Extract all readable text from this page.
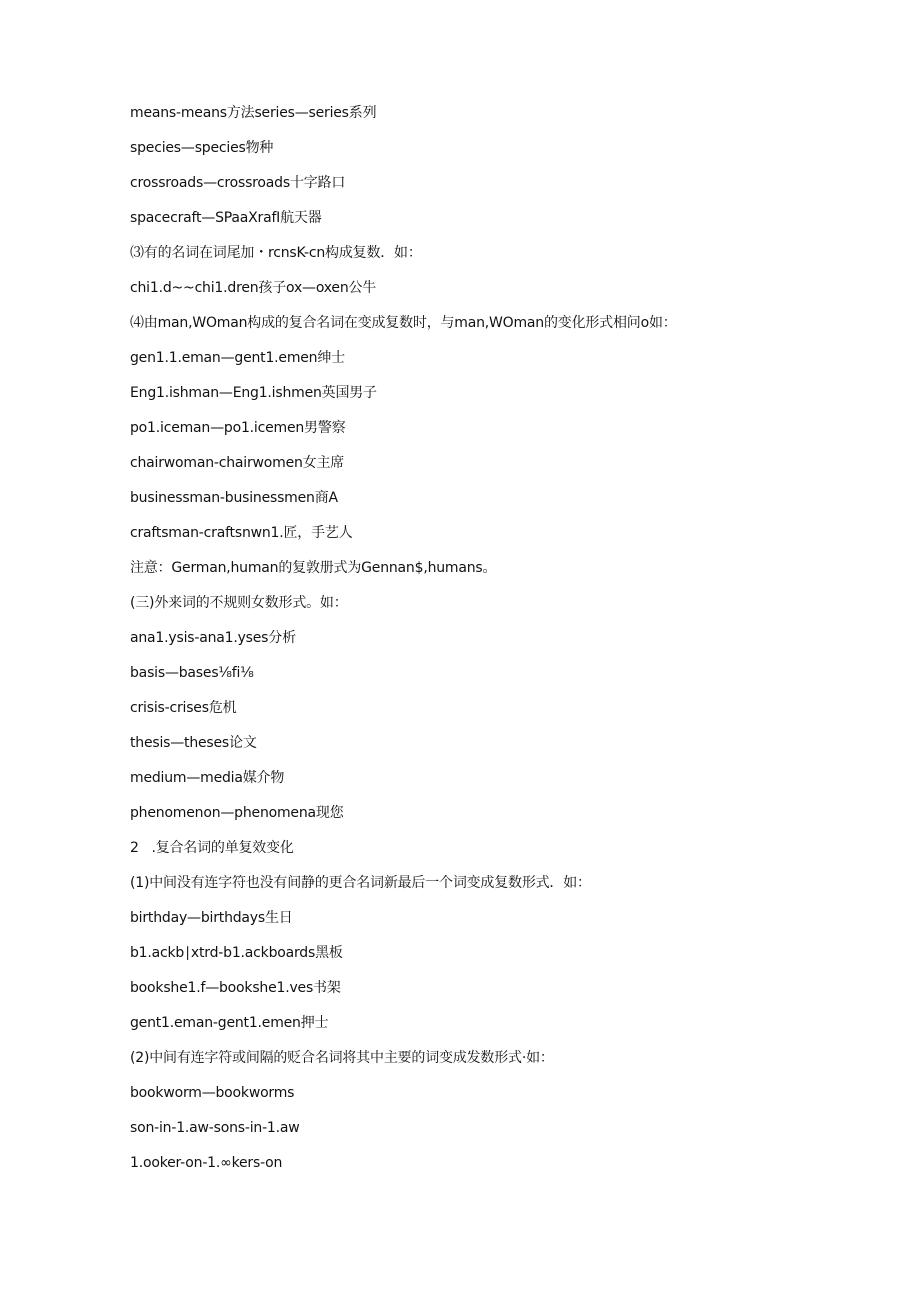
means-means方法series—series系列
species—species物种
crossroads—crossroads十字路口
spacecraft—SPaaXrafI航天器
⑶有的名词在词尾加・rcnsK-cn构成复数．如：
chi1.d~~chi1.dren孩子ox—oxen公牛
⑷由man,WOman构成的复合名词在变成复数时，与man,WOman的变化形式相问o如：
gen1.1.eman—gent1.emen绅士
Eng1.ishman—Eng1.ishmen英国男子
po1.iceman—po1.icemen男警察
chairwoman-chairwomen女主席
businessman-businessmen商A
craftsman-craftsnwn1.匠，手艺人
注意：German,human的复敦册式为Gennan$,humans。
(三)外来词的不规则女数形式。如：
ana1.ysis-ana1.yses分析
basis—bases⅛fi⅛
crisis-crises危机
thesis—theses论文
medium—media媒介物
phenomenon—phenomena现您
2   .复合名词的单复效变化
(1)中间没有连字符也没有间静的更合名词新最后一个词变成复数形式．如：
birthday—birthdays生日
b1.ackb∣xtrd-b1.ackboards黑板
bookshe1.f—bookshe1.ves书架
gent1.eman-gent1.emen押士
(2)中间有连字符或间隔的贬合名词将其中主要的词变成发数形式·如：
bookworm—bookworms
son-in-1.aw-sons-in-1.aw
1.ooker-on-1.∞kers-on
